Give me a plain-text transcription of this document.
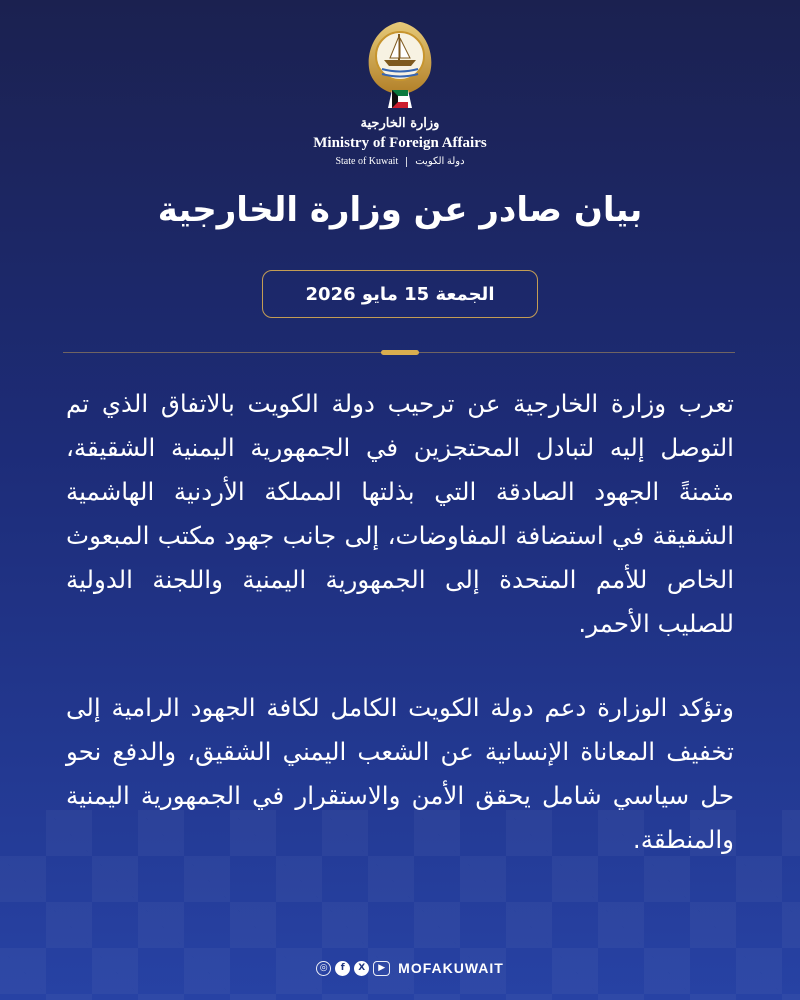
وزارة الخارجية
Ministry of Foreign Affairs
State of Kuwait دولة الكويت
بيان صادر عن وزارة الخارجية
الجمعة 15 مايو 2026

تعرب وزارة الخارجية عن ترحيب دولة الكويت بالاتفاق الذي تم التوصل إليه لتبادل المحتجزين في الجمهورية اليمنية الشقيقة، مثمنةً الجهود الصادقة التي بذلتها المملكة الأردنية الهاشمية الشقيقة في استضافة المفاوضات، إلى جانب جهود مكتب المبعوث الخاص للأمم المتحدة إلى الجمهورية اليمنية واللجنة الدولية للصليب الأحمر.

وتؤكد الوزارة دعم دولة الكويت الكامل لكافة الجهود الرامية إلى تخفيف المعاناة الإنسانية عن الشعب اليمني الشقيق، والدفع نحو حل سياسي شامل يحقق الأمن والاستقرار في الجمهورية اليمنية والمنطقة.

◎	f	X	▶ MOFAKUWAIT
